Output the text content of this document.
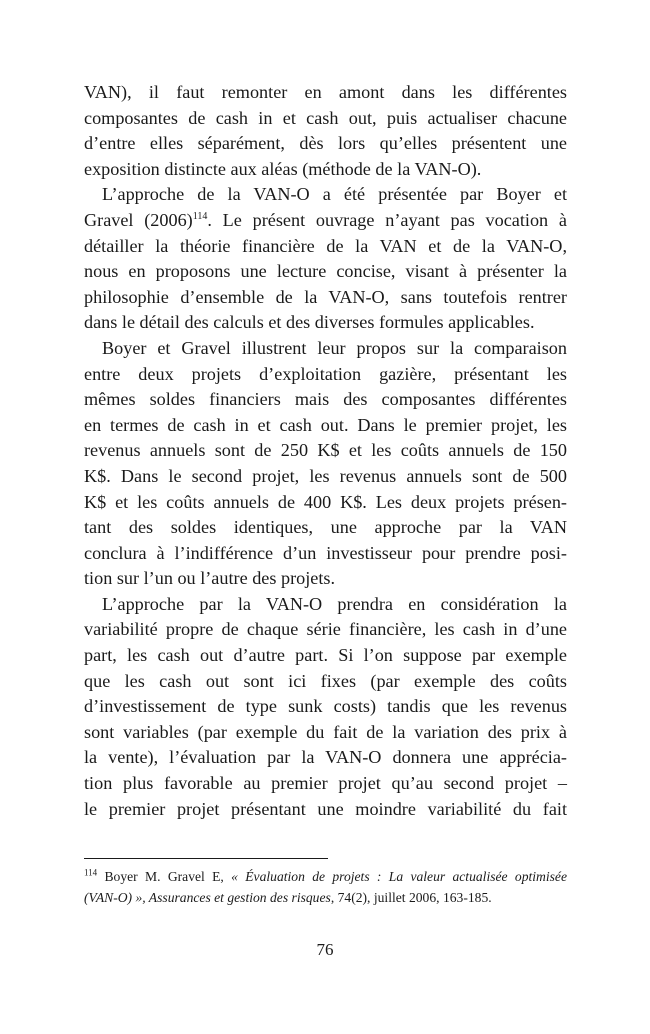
VAN), il faut remonter en amont dans les différentes
composantes de cash in et cash out, puis actualiser chacune
d’entre elles séparément, dès lors qu’elles présentent une
exposition distincte aux aléas (méthode de la VAN-O).
L’approche de la VAN-O a été présentée par Boyer et
Gravel (2006)$^{114}$. Le présent ouvrage n’ayant pas vocation à
détailler la théorie financière de la VAN et de la VAN-O,
nous en proposons une lecture concise, visant à présenter la
philosophie d’ensemble de la VAN-O, sans toutefois rentrer
dans le détail des calculs et des diverses formules applicables.
Boyer et Gravel illustrent leur propos sur la comparaison
entre deux projets d’exploitation gazière, présentant les
mêmes soldes financiers mais des composantes différentes
en termes de cash in et cash out. Dans le premier projet, les
revenus annuels sont de 250 K$ et les coûts annuels de 150
K$. Dans le second projet, les revenus annuels sont de 500
K$ et les coûts annuels de 400 K$. Les deux projets présen-
tant des soldes identiques, une approche par la VAN
conclura à l’indifférence d’un investisseur pour prendre posi-
tion sur l’un ou l’autre des projets.
L’approche par la VAN-O prendra en considération la
variabilité propre de chaque série financière, les cash in d’une
part, les cash out d’autre part. Si l’on suppose par exemple
que les cash out sont ici fixes (par exemple des coûts
d’investissement de type sunk costs) tandis que les revenus
sont variables (par exemple du fait de la variation des prix à
la vente), l’évaluation par la VAN-O donnera une apprécia-
tion plus favorable au premier projet qu’au second projet –
le premier projet présentant une moindre variabilité du fait
$^{114}$ Boyer M. Gravel E, « Évaluation de projets : La valeur actualisée optimisée
(VAN-O) », Assurances et gestion des risques, 74(2), juillet 2006, 163-185.
76
